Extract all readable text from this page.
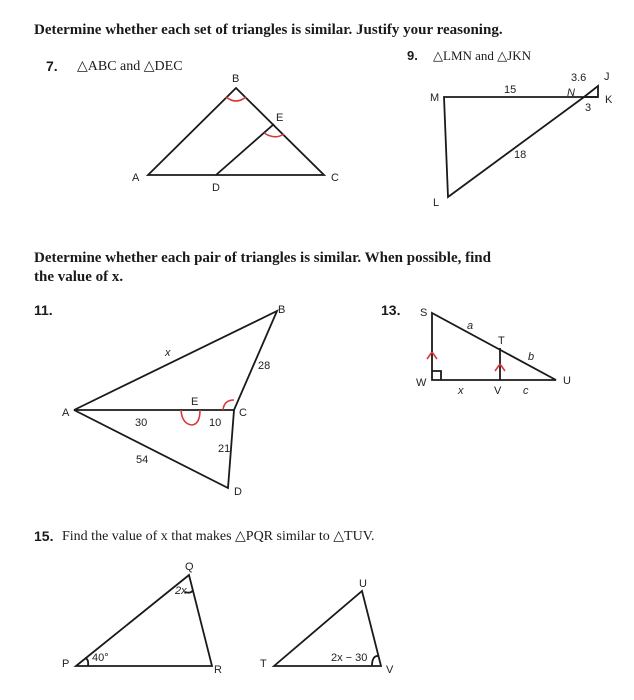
Determine whether each set of triangles is similar. Justify your reasoning.
7. △ABC and △DEC
9. △LMN and △JKN
Determine whether each pair of triangles is similar. When possible, find
the value of x.
11.	13.
15. Find the value of x that makes △PQR similar to △TUV.
B
E
A
D
C
M	N
L
J
K
15
18
3.6
3
A
B
C
E
D
x
28
30	10
54
21
S
T
U
V
W
a
b
x	c
Q
P	R
U
T	V
40°
2x
2x − 30
